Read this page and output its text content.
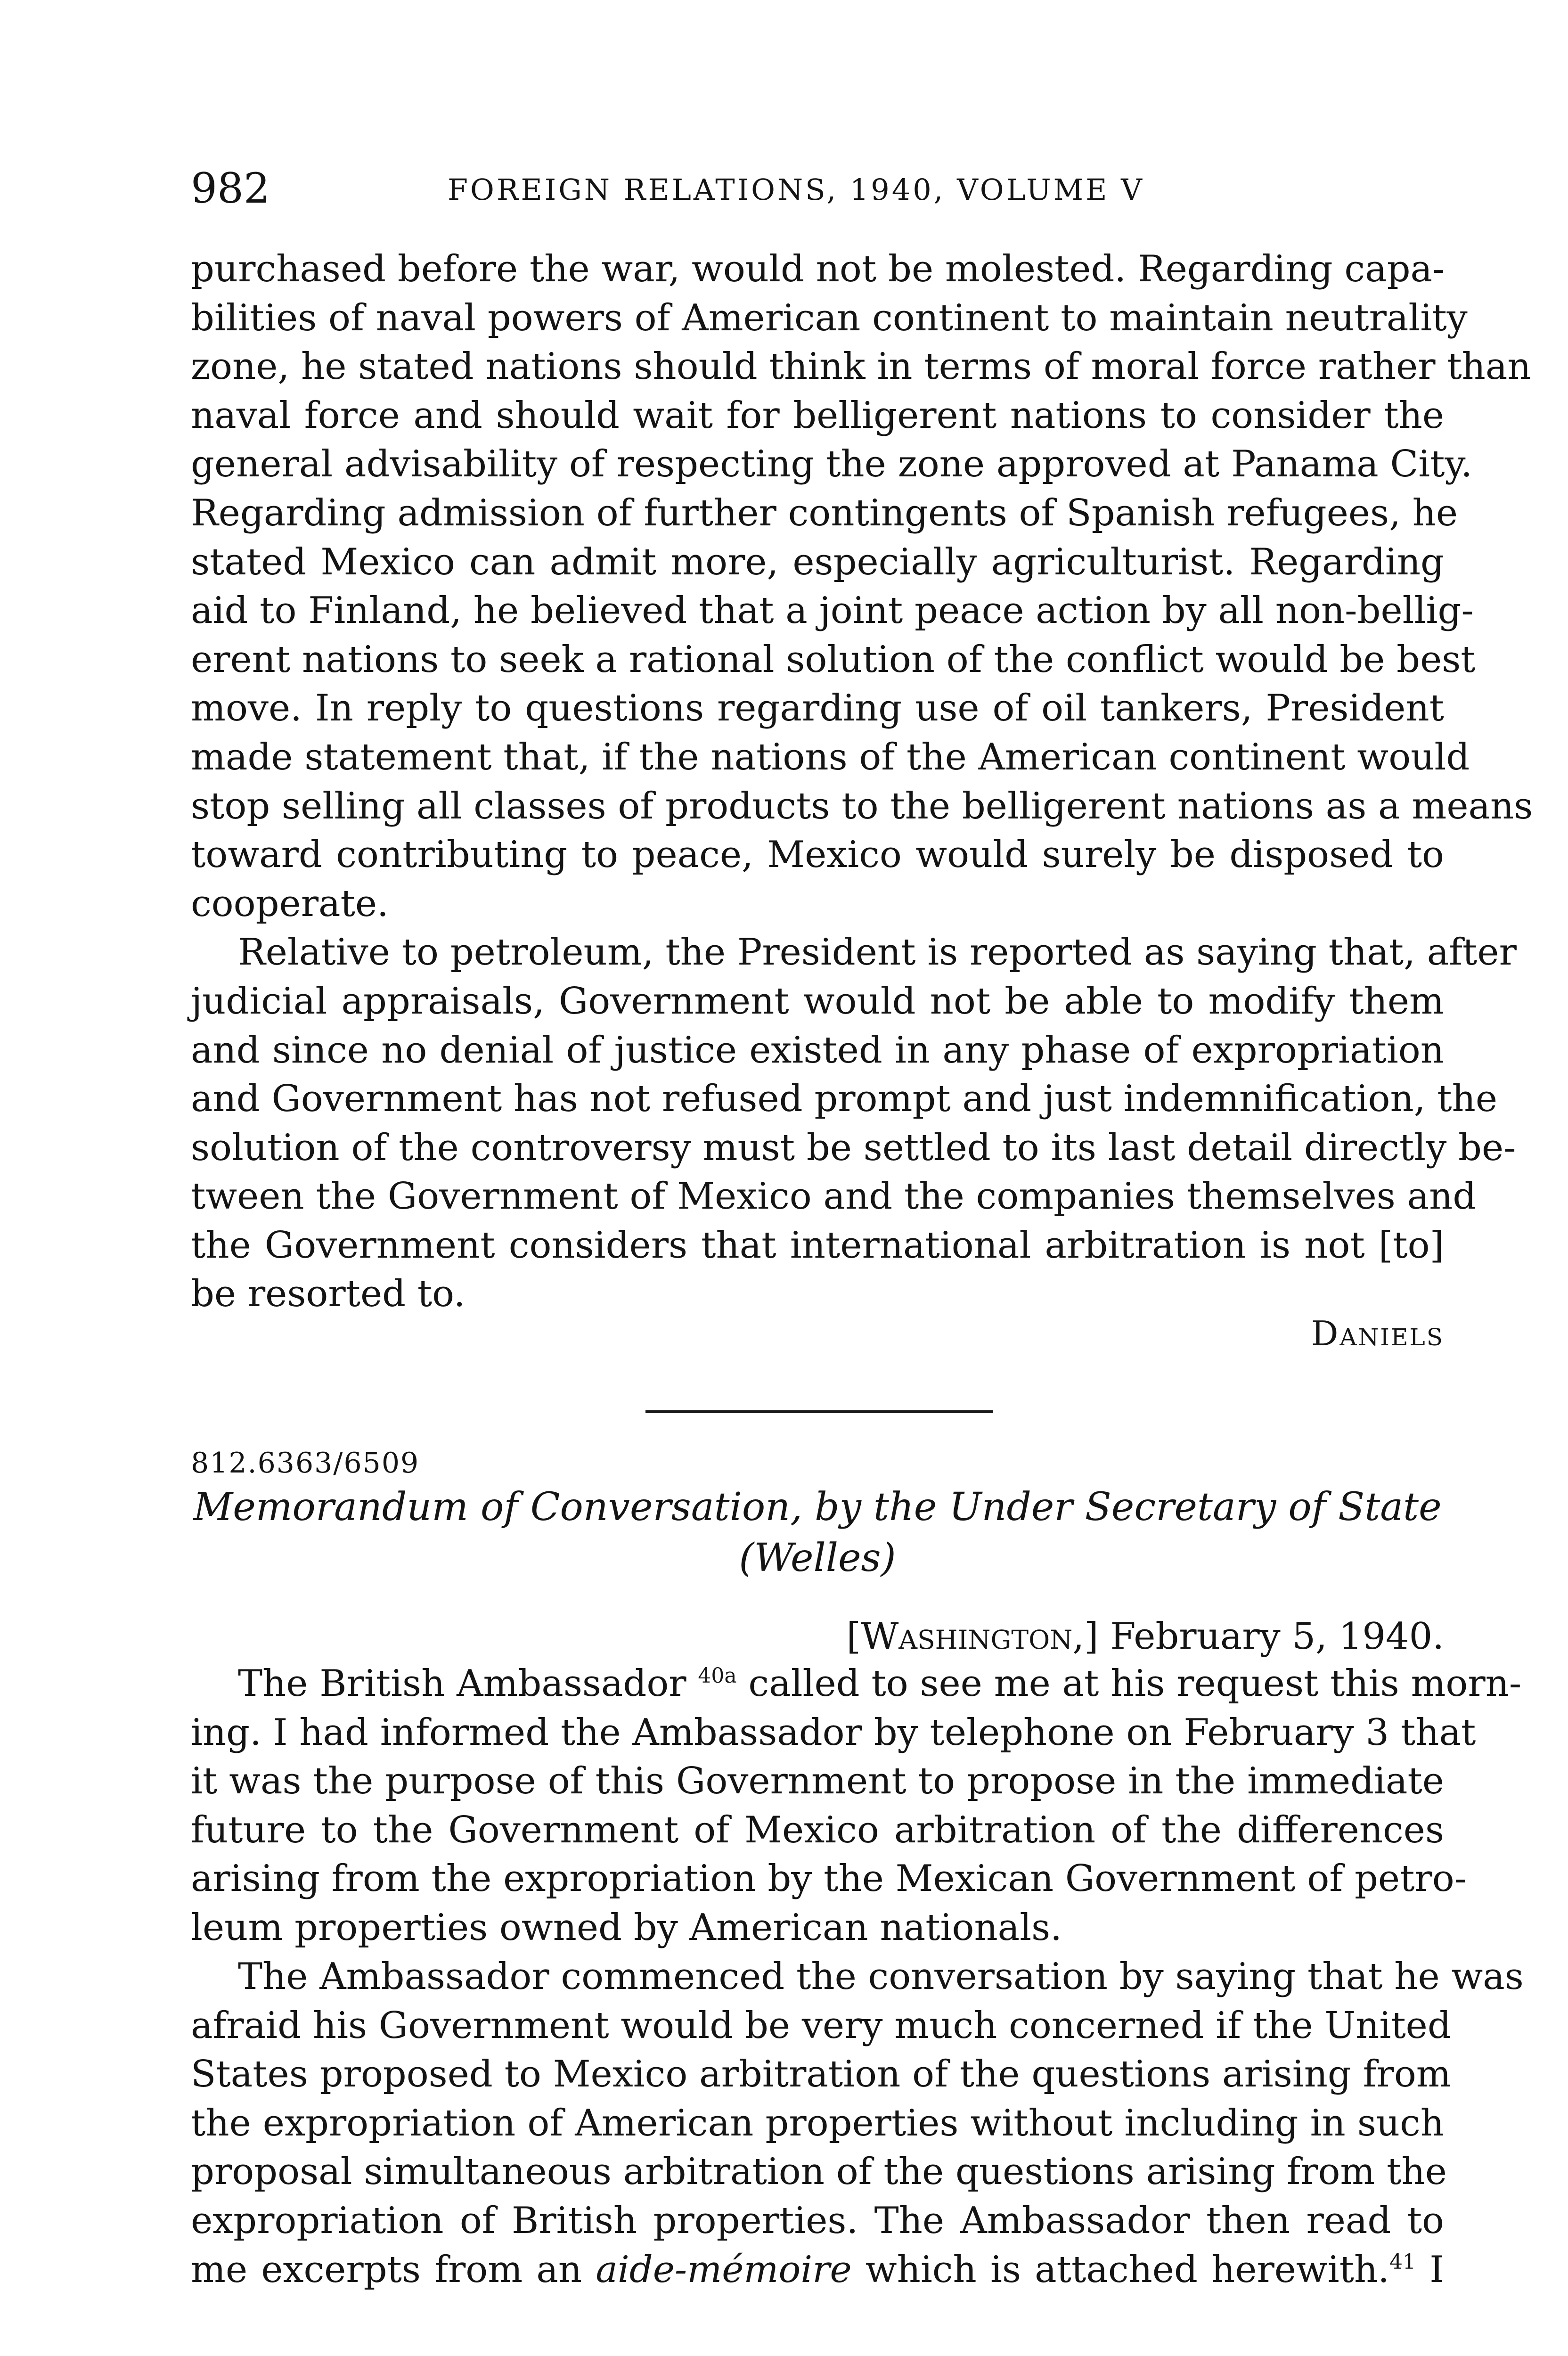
982	FOREIGN RELATIONS, 1940, VOLUME V
purchased before the war, would not be molested. Regarding capa-
bilities of naval powers of American continent to maintain neutrality
zone, he stated nations should think in terms of moral force rather than
naval force and should wait for belligerent nations to consider the
general advisability of respecting the zone approved at Panama City.
Regarding admission of further contingents of Spanish refugees, he
stated Mexico can admit more, especially agriculturist. Regarding
aid to Finland, he believed that a joint peace action by all non-bellig-
erent nations to seek a rational solution of the conflict would be best
move. In reply to questions regarding use of oil tankers, President
made statement that, if the nations of the American continent would
stop selling all classes of products to the belligerent nations as a means
toward contributing to peace, Mexico would surely be disposed to
cooperate.
Relative to petroleum, the President is reported as saying that, after
judicial appraisals, Government would not be able to modify them
and since no denial of justice existed in any phase of expropriation
and Government has not refused prompt and just indemnification, the
solution of the controversy must be settled to its last detail directly be-
tween the Government of Mexico and the companies themselves and
the Government considers that international arbitration is not [to]
be resorted to.
Daniels
812.6363/6509
Memorandum of Conversation, by the Under Secretary of State
(Welles)
[Washington,] February 5, 1940.
The British Ambassador $^{40a}$ called to see me at his request this morn-
ing. I had informed the Ambassador by telephone on February 3 that
it was the purpose of this Government to propose in the immediate
future to the Government of Mexico arbitration of the differences
arising from the expropriation by the Mexican Government of petro-
leum properties owned by American nationals.
The Ambassador commenced the conversation by saying that he was
afraid his Government would be very much concerned if the United
States proposed to Mexico arbitration of the questions arising from
the expropriation of American properties without including in such
proposal simultaneous arbitration of the questions arising from the
expropriation of British properties. The Ambassador then read to
me excerpts from an aide-mémoire which is attached herewith.$^{41}$ I
